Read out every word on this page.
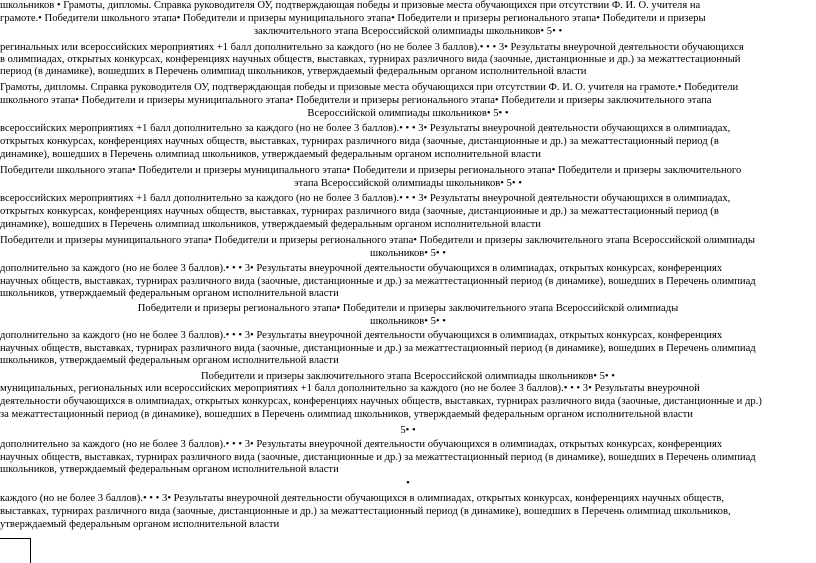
школьников • Грамоты, дипломы. Справка руководителя ОУ, подтверждающая победы и призовые места обучающихся при отсутствии Ф. И. О. учителя на
грамоте.• Победители школьного этапа• Победители и призеры муниципального этапа• Победители и призеры регионального этапа• Победители и призеры
заключительного этапа Всероссийской олимпиады школьников• 5• •
регинальных или всероссийских мероприятиях +1 балл дополнительно за каждого (но не более 3 баллов).• • • 3• Результаты внеурочной деятельности обучающихся
в олимпиадах, открытых конкурсах, конференциях научных обществ, выставках, турнирах различного вида (заочные, дистанционные и др.) за межаттестационный
период (в динамике), вошедших в Перечень олимпиад школьников, утверждаемый федеральным органом исполнительной власти
Грамоты, дипломы. Справка руководителя ОУ, подтверждающая победы и призовые места обучающихся при отсутствии Ф. И. О. учителя на грамоте.• Победители
школьного этапа• Победители и призеры муниципального этапа• Победители и призеры регионального этапа• Победители и призеры заключительного этапа
Всероссийской олимпиады школьников• 5• •
всероссийских мероприятиях +1 балл дополнительно за каждого (но не более 3 баллов).• • • 3• Результаты внеурочной деятельности обучающихся в олимпиадах,
открытых конкурсах, конференциях научных обществ, выставках, турнирах различного вида (заочные, дистанционные и др.) за межаттестационный период (в
динамике), вошедших в Перечень олимпиад школьников, утверждаемый федеральным органом исполнительной власти
Победители школьного этапа• Победители и призеры муниципального этапа• Победители и призеры регионального этапа• Победители и призеры заключительного
этапа Всероссийской олимпиады школьников• 5• •
всероссийских мероприятиях +1 балл дополнительно за каждого (но не более 3 баллов).• • • 3• Результаты внеурочной деятельности обучающихся в олимпиадах,
открытых конкурсах, конференциях научных обществ, выставках, турнирах различного вида (заочные, дистанционные и др.) за межаттестационный период (в
динамике), вошедших в Перечень олимпиад школьников, утверждаемый федеральным органом исполнительной власти
Победители и призеры муниципального этапа• Победители и призеры регионального этапа• Победители и призеры заключительного этапа Всероссийской олимпиады
школьников• 5• •
дополнительно за каждого (но не более 3 баллов).• • • 3• Результаты внеурочной деятельности обучающихся в олимпиадах, открытых конкурсах, конференциях
научных обществ, выставках, турнирах различного вида (заочные, дистанционные и др.) за межаттестационный период (в динамике), вошедших в Перечень олимпиад
школьников, утверждаемый федеральным органом исполнительной власти
Победители и призеры регионального этапа• Победители и призеры заключительного этапа Всероссийской олимпиады
школьников• 5• •
дополнительно за каждого (но не более 3 баллов).• • • 3• Результаты внеурочной деятельности обучающихся в олимпиадах, открытых конкурсах, конференциях
научных обществ, выставках, турнирах различного вида (заочные, дистанционные и др.) за межаттестационный период (в динамике), вошедших в Перечень олимпиад
школьников, утверждаемый федеральным органом исполнительной власти
Победители и призеры заключительного этапа Всероссийской олимпиады школьников• 5• •
муниципальных, региональных или всероссийских мероприятиях +1 балл дополнительно за каждого (но не более 3 баллов).• • • 3• Результаты внеурочной
деятельности обучающихся в олимпиадах, открытых конкурсах, конференциях научных обществ, выставках, турнирах различного вида (заочные, дистанционные и др.)
за межаттестационный период (в динамике), вошедших в Перечень олимпиад школьников, утверждаемый федеральным органом исполнительной власти
5• •
дополнительно за каждого (но не более 3 баллов).• • • 3• Результаты внеурочной деятельности обучающихся в олимпиадах, открытых конкурсах, конференциях
научных обществ, выставках, турнирах различного вида (заочные, дистанционные и др.) за межаттестационный период (в динамике), вошедших в Перечень олимпиад
школьников, утверждаемый федеральным органом исполнительной власти
•
каждого (но не более 3 баллов).• • • 3• Результаты внеурочной деятельности обучающихся в олимпиадах, открытых конкурсах, конференциях научных обществ,
выставках, турнирах различного вида (заочные, дистанционные и др.) за межаттестационный период (в динамике), вошедших в Перечень олимпиад школьников,
утверждаемый федеральным органом исполнительной власти
